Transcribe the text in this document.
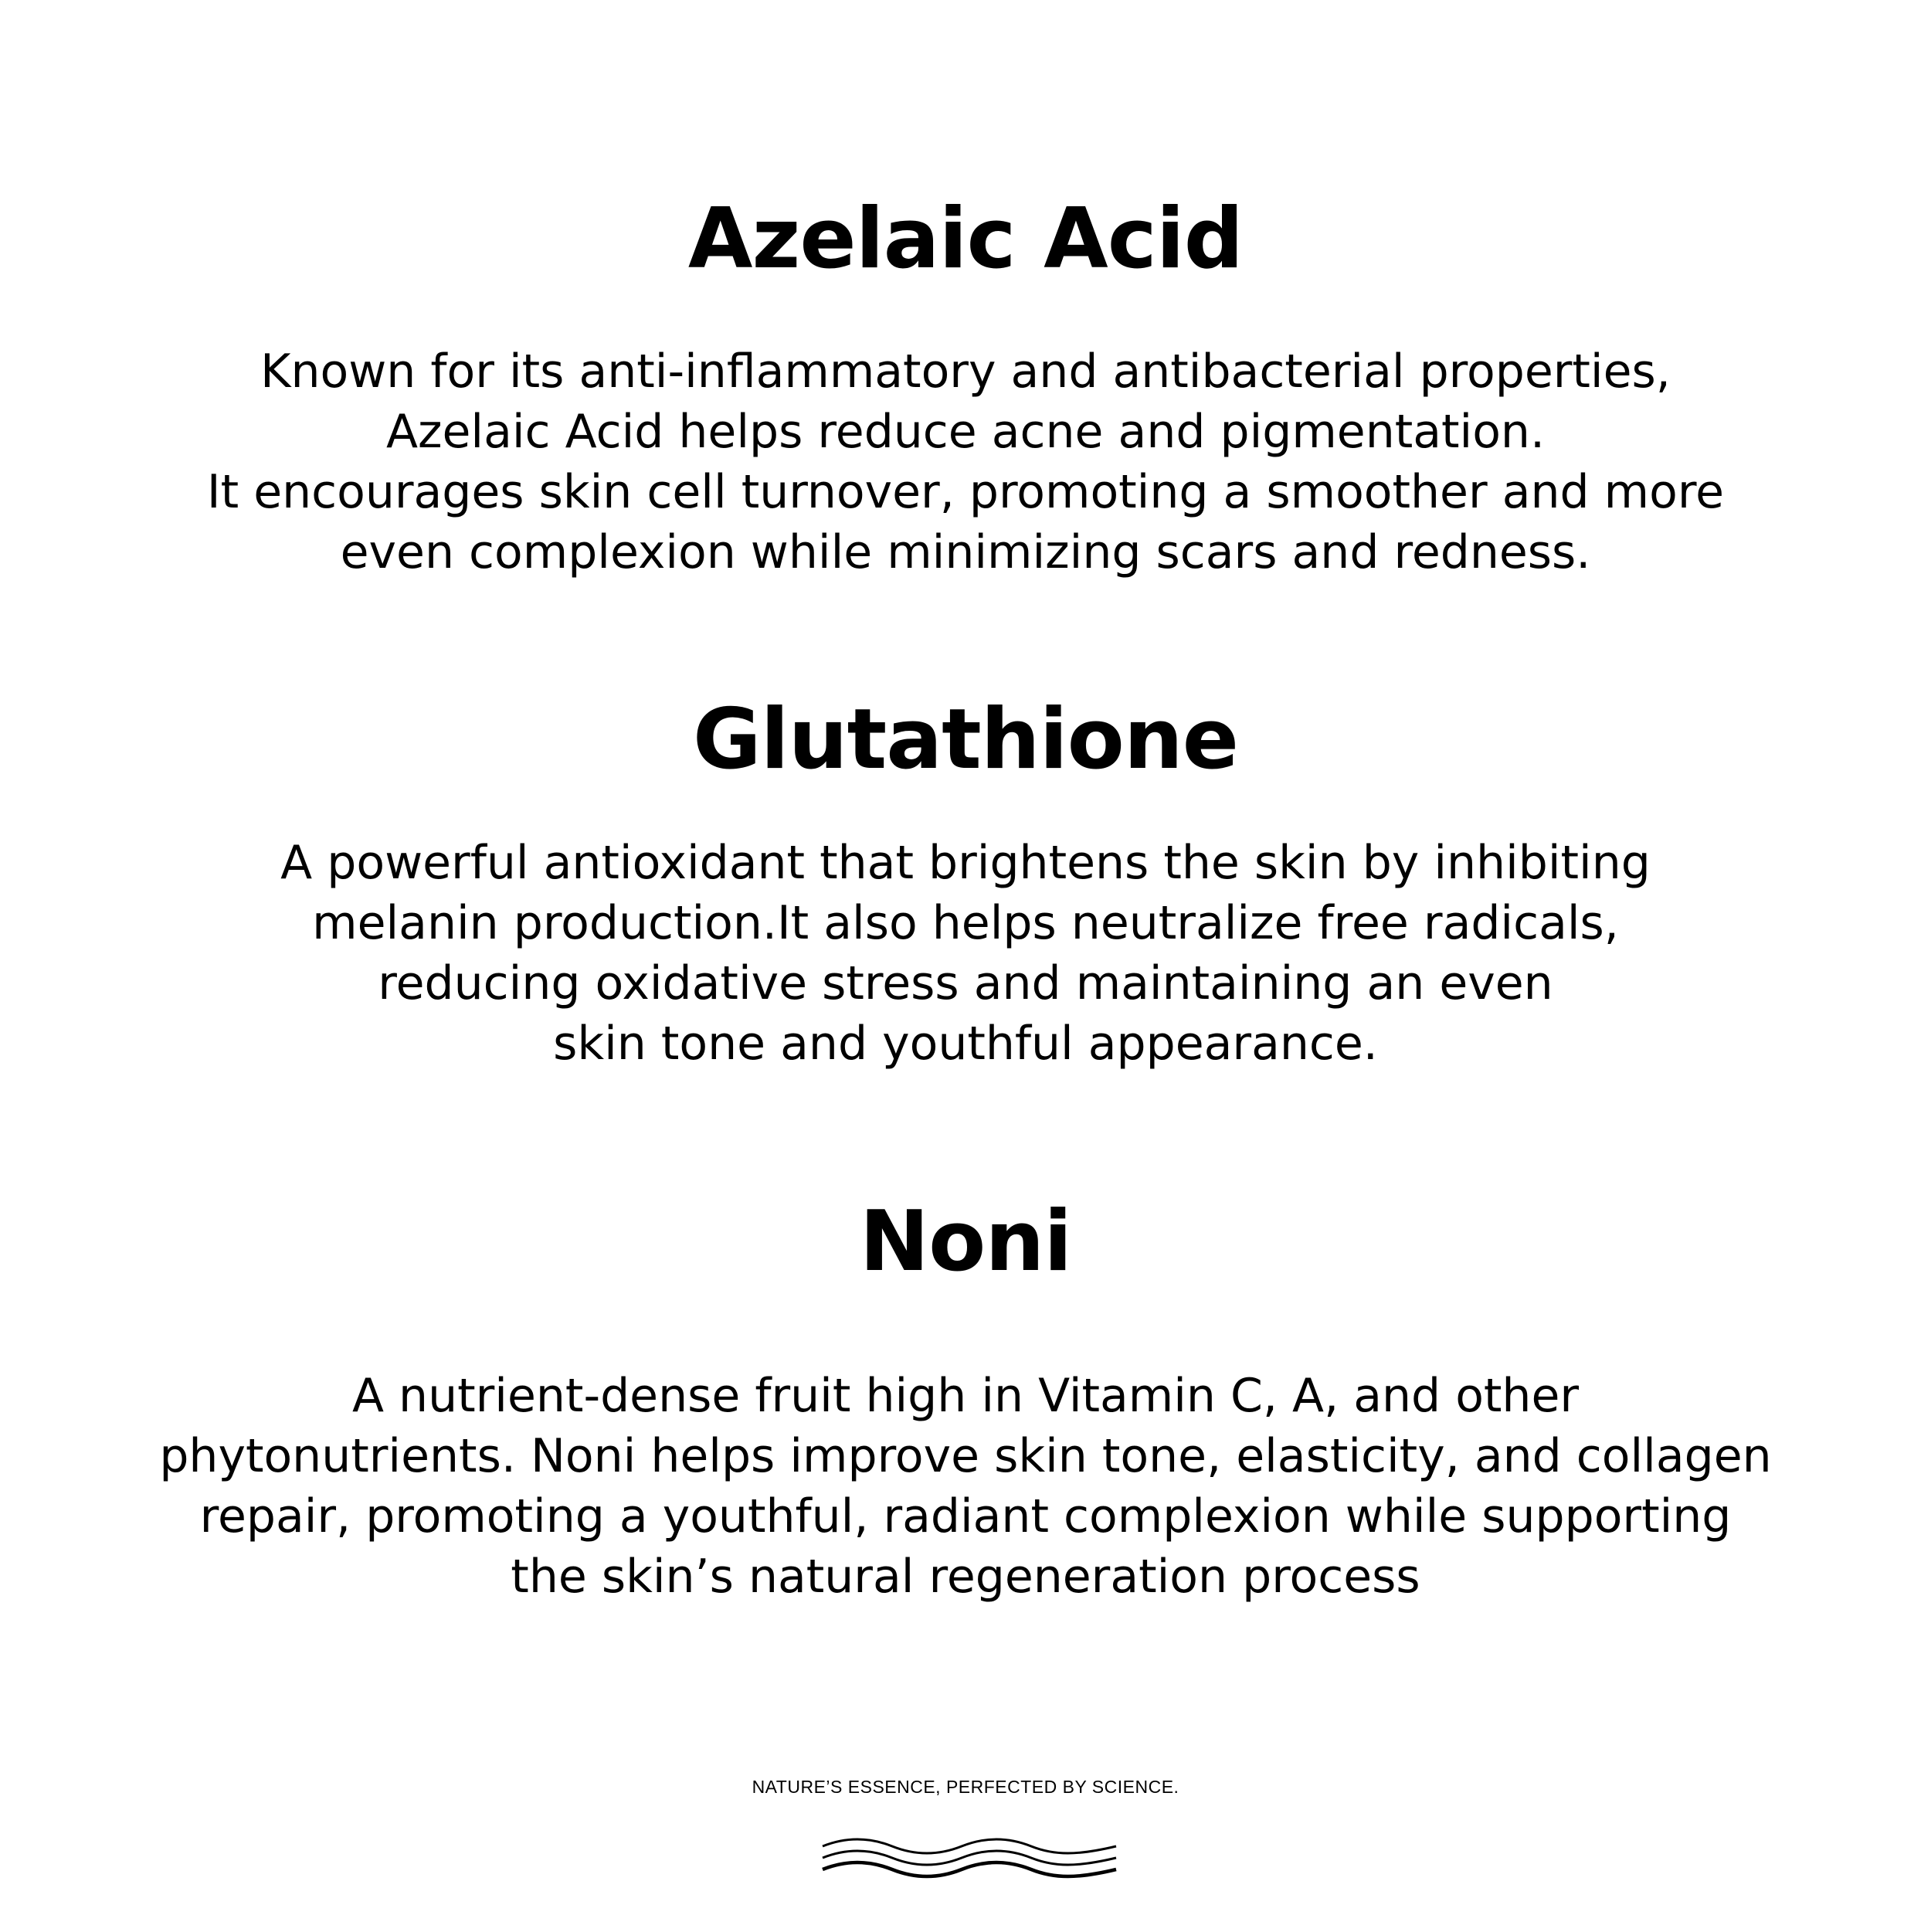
Azelaic Acid

Known for its anti-inflammatory and antibacterial properties,
Azelaic Acid helps reduce acne and pigmentation.
It encourages skin cell turnover, promoting a smoother and more
even complexion while minimizing scars and redness.

Glutathione

A powerful antioxidant that brightens the skin by inhibiting
melanin production.It also helps neutralize free radicals,
reducing oxidative stress and maintaining an even
skin tone and youthful appearance.

Noni

A nutrient-dense fruit high in Vitamin C, A, and other
phytonutrients. Noni helps improve skin tone, elasticity, and collagen
repair, promoting a youthful, radiant complexion while supporting
the skin’s natural regeneration process

NATURE’S ESSENCE, PERFECTED BY SCIENCE.
